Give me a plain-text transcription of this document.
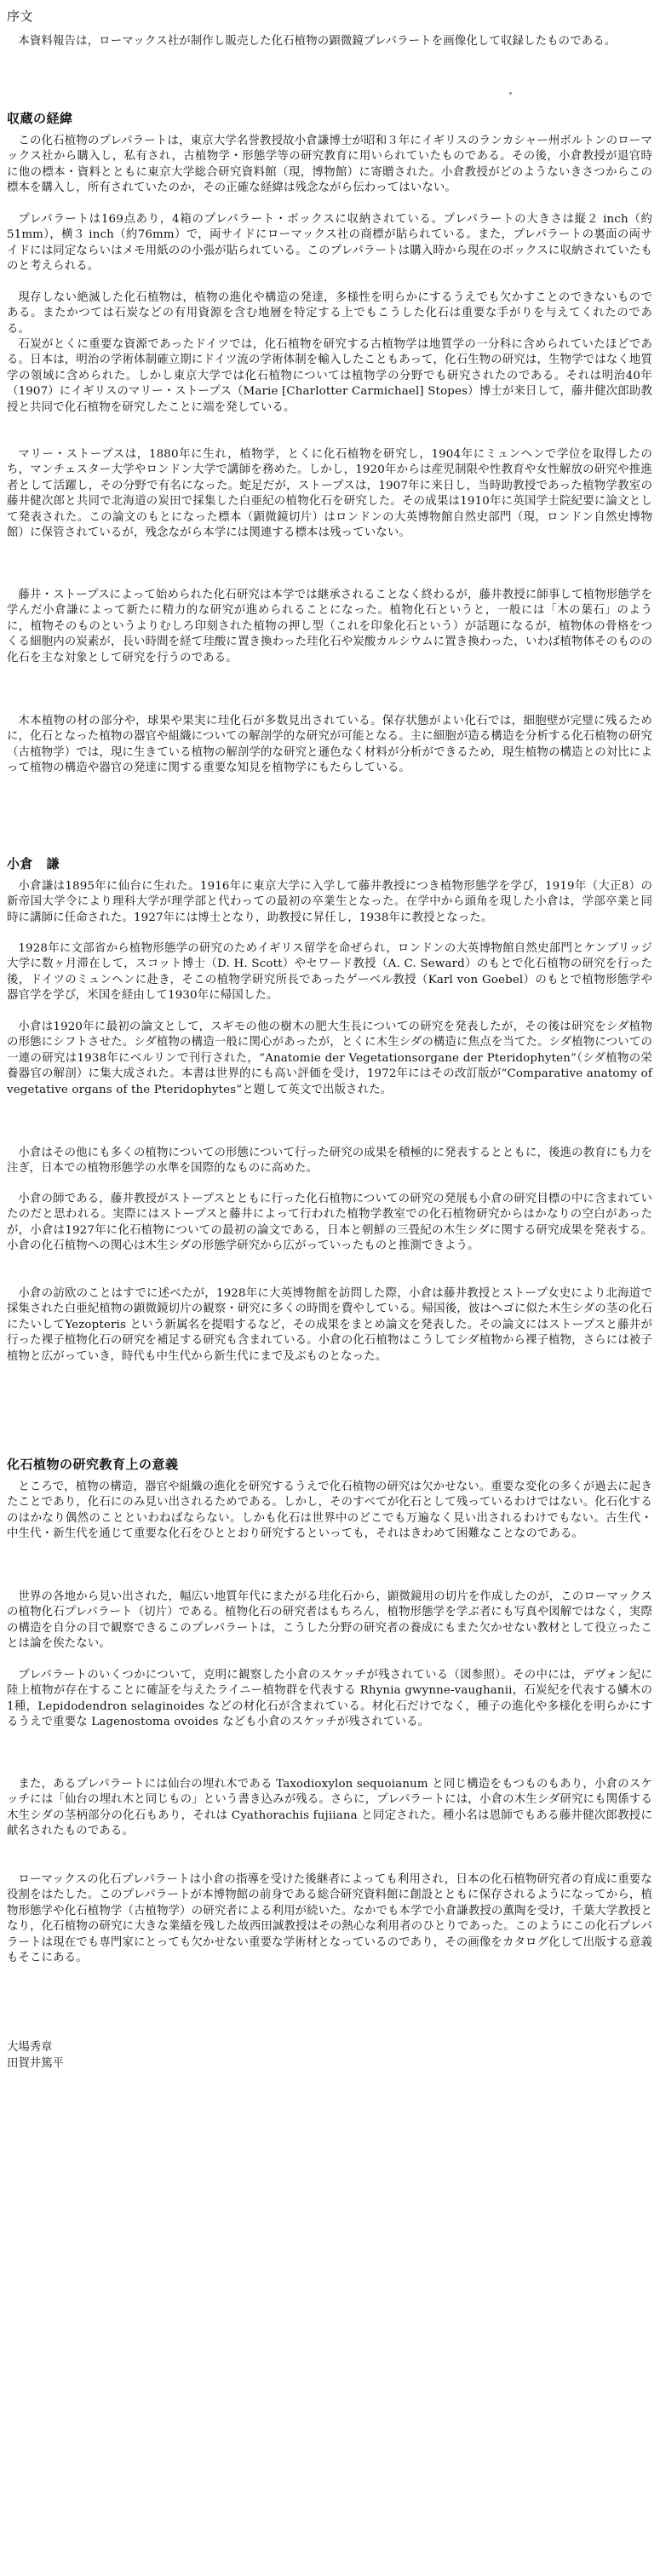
序文

本資料報告は，ローマックス社が制作し販売した化石植物の顕微鏡プレパラートを画像化して収録したものである。

収蔵の経緯

この化石植物のプレパラートは，東京大学名誉教授故小倉謙博士が昭和３年にイギリスのランカシャー州ボルトンのローマックス社から購入し，私有され，古植物学・形態学等の研究教育に用いられていたものである。その後，小倉教授が退官時に他の標本・資料とともに東京大学総合研究資料館（現，博物館）に寄贈された。小倉教授がどのようないきさつからこの標本を購入し，所有されていたのか，その正確な経緯は残念ながら伝わってはいない。

プレパラートは169点あり，4箱のプレパラート・ボックスに収納されている。プレパラートの大きさは縦２ inch（約51mm），横３ inch（約76mm）で，両サイドにローマックス社の商標が貼られている。また，プレパラートの裏面の両サイドには同定ならいはメモ用紙のの小張が貼られている。このプレパラートは購入時から現在のボックスに収納されていたものと考えられる。

現存しない絶滅した化石植物は，植物の進化や構造の発達，多様性を明らかにするうえでも欠かすことのできないものである。またかつては石炭などの有用資源を含む地層を特定する上でもこうした化石は重要な手がりを与えてくれたのである。

石炭がとくに重要な資源であったドイツでは，化石植物を研究する古植物学は地質学の一分科に含められていたほどである。日本は，明治の学術体制確立期にドイツ流の学術体制を輸入したこともあって，化石生物の研究は，生物学ではなく地質学の領域に含められた。しかし東京大学では化石植物については植物学の分野でも研究されたのである。それは明治40年（1907）にイギリスのマリー・ストープス（Marie [Charlotter Carmichael] Stopes）博士が来日して，藤井健次郎助教授と共同で化石植物を研究したことに端を発している。

マリー・ストープスは，1880年に生れ，植物学，とくに化石植物を研究し，1904年にミュンヘンで学位を取得したのち，マンチェスター大学やロンドン大学で講師を務めた。しかし，1920年からは産児制限や性教育や女性解放の研究や推進者として活躍し，その分野で有名になった。蛇足だが，ストープスは，1907年に来日し，当時助教授であった植物学教室の藤井健次郎と共同で北海道の炭田で採集した白亜紀の植物化石を研究した。その成果は1910年に英国学士院紀要に論文として発表された。この論文のもとになった標本（顕微鏡切片）はロンドンの大英博物館自然史部門（現，ロンドン自然史博物館）に保管されているが，残念ながら本学には関連する標本は残っていない。

藤井・ストープスによって始められた化石研究は本学では継承されることなく終わるが，藤井教授に師事して植物形態学を学んだ小倉謙によって新たに精力的な研究が進められることになった。植物化石というと，一般には「木の葉石」のように，植物そのものというよりむしろ印刻された植物の押し型（これを印象化石という）が話題になるが，植物体の骨格をつくる細胞内の炭素が，長い時間を経て珪酸に置き換わった珪化石や炭酸カルシウムに置き換わった，いわば植物体そのものの化石を主な対象として研究を行うのである。

木本植物の材の部分や，球果や果実に珪化石が多数見出されている。保存状態がよい化石では，細胞壁が完璧に残るために，化石となった植物の器官や組織についての解剖学的な研究が可能となる。主に細胞が造る構造を分析する化石植物の研究（古植物学）では，現に生きている植物の解剖学的な研究と遜色なく材料が分析ができるため，現生植物の構造との対比によって植物の構造や器官の発達に関する重要な知見を植物学にもたらしている。

小倉　謙

小倉謙は1895年に仙台に生れた。1916年に東京大学に入学して藤井教授につき植物形態学を学び，1919年（大正8）の新帝国大学令により理科大学が理学部と代わっての最初の卒業生となった。在学中から頭角を現した小倉は，学部卒業と同時に講師に任命された。1927年には博士となり，助教授に昇任し，1938年に教授となった。

1928年に文部省から植物形態学の研究のためイギリス留学を命ぜられ，ロンドンの大英博物館自然史部門とケンブリッジ大学に数ヶ月滞在して，スコット博士（D. H. Scott）やセワード教授（A. C. Seward）のもとで化石植物の研究を行った後，ドイツのミュンヘンに赴き，そこの植物学研究所長であったゲーベル教授（Karl von Goebel）のもとで植物形態学や器官学を学び，米国を経由して1930年に帰国した。

小倉は1920年に最初の論文として，スギモの他の樹木の肥大生長についての研究を発表したが，その後は研究をシダ植物の形態にシフトさせた。シダ植物の構造一般に関心があったが，とくに木生シダの構造に焦点を当てた。シダ植物についての一連の研究は1938年にベルリンで刊行された，“Anatomie der Vegetationsorgane der Pteridophyten”（シダ植物の栄養器官の解剖）に集大成された。本書は世界的にも高い評価を受け，1972年にはその改訂版が“Comparative anatomy of vegetative organs of the Pteridophytes”と題して英文で出版された。

小倉はその他にも多くの植物についての形態について行った研究の成果を積極的に発表するとともに，後進の教育にも力を注ぎ，日本での植物形態学の水準を国際的なものに高めた。

小倉の師である，藤井教授がストープスとともに行った化石植物についての研究の発展も小倉の研究目標の中に含まれていたのだと思われる。実際にはストープスと藤井によって行われた植物学教室での化石植物研究からはかなりの空白があったが，小倉は1927年に化石植物についての最初の論文である，日本と朝鮮の三畳紀の木生シダに関する研究成果を発表する。小倉の化石植物への関心は木生シダの形態学研究から広がっていったものと推測できよう。

小倉の訪欧のことはすでに述べたが，1928年に大英博物館を訪問した際，小倉は藤井教授とストープ女史により北海道で採集された白亜紀植物の顕微鏡切片の観察・研究に多くの時間を費やしている。帰国後，彼はヘゴに似た木生シダの茎の化石にたいしてYezopteris という新属名を提唱するなど，その成果をまとめ論文を発表した。その論文にはストープスと藤井が行った裸子植物化石の研究を補足する研究も含まれている。小倉の化石植物はこうしてシダ植物から裸子植物，さらには被子植物と広がっていき，時代も中生代から新生代にまで及ぶものとなった。

化石植物の研究教育上の意義

ところで，植物の構造，器官や組織の進化を研究するうえで化石植物の研究は欠かせない。重要な変化の多くが過去に起きたことであり，化石にのみ見い出されるためである。しかし，そのすべてが化石として残っているわけではない。化石化するのはかなり偶然のことといわねばならない。しかも化石は世界中のどこでも万遍なく見い出されるわけでもない。古生代・中生代・新生代を通じて重要な化石をひととおり研究するといっても，それはきわめて困難なことなのである。

世界の各地から見い出された，幅広い地質年代にまたがる珪化石から，顕微鏡用の切片を作成したのが，このローマックスの植物化石プレパラート（切片）である。植物化石の研究者はもちろん，植物形態学を学ぶ者にも写真や図解ではなく，実際の構造を自分の目で観察できるこのプレパラートは，こうした分野の研究者の養成にもまた欠かせない教材として役立ったことは論を俟たない。

プレパラートのいくつかについて，克明に観察した小倉のスケッチが残されている（図参照）。その中には，デヴォン紀に陸上植物が存在することに確証を与えたライニー植物群を代表する Rhynia gwynne-vaughanii，石炭紀を代表する鱗木の1種，Lepidodendron selaginoides などの材化石が含まれている。材化石だけでなく，種子の進化や多様化を明らかにするうえで重要な Lagenostoma ovoides なども小倉のスケッチが残されている。

また，あるプレパラートには仙台の埋れ木である Taxodioxylon sequoianum と同じ構造をもつものもあり，小倉のスケッチには「仙台の埋れ木と同じもの」という書き込みが残る。さらに，プレパラートには，小倉の木生シダ研究にも関係する木生シダの茎柄部分の化石もあり，それは Cyathorachis fujiiana と同定された。種小名は恩師でもある藤井健次郎教授に献名されたものである。

ローマックスの化石プレパラートは小倉の指導を受けた後継者によっても利用され，日本の化石植物研究者の育成に重要な役割をはたした。このプレパラートが本博物館の前身である総合研究資料館に創設とともに保存されるようになってから，植物形態学や化石植物学（古植物学）の研究者による利用が続いた。なかでも本学で小倉謙教授の薫陶を受け，千葉大学教授となり，化石植物の研究に大きな業績を残した故西田誠教授はその熱心な利用者のひとりであった。このようにこの化石プレパラートは現在でも専門家にとっても欠かせない重要な学術材となっているのであり，その画像をカタログ化して出版する意義もそこにある。

大場秀章
田賀井篤平
